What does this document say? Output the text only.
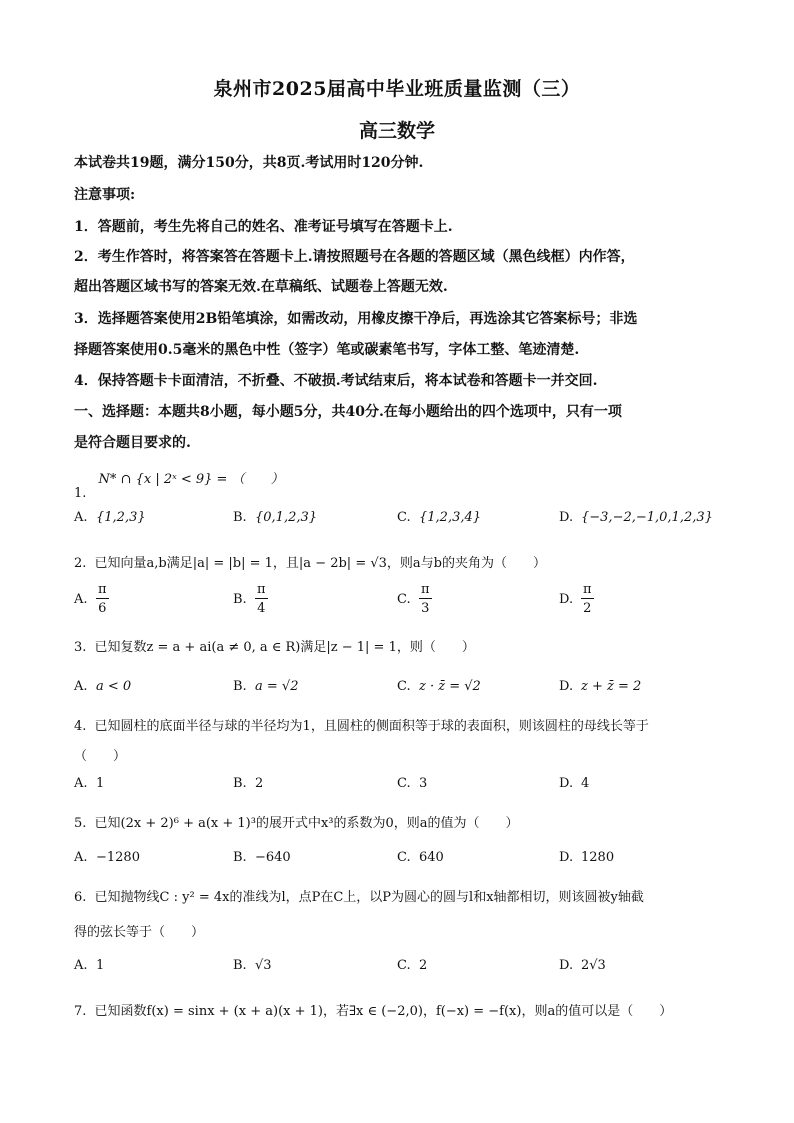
泉州市2025届高中毕业班质量监测（三）
高三数学
本试卷共19题，满分150分，共8页.考试用时120分钟.
注意事项:
1．答题前，考生先将自己的姓名、准考证号填写在答题卡上.
2．考生作答时，将答案答在答题卡上.请按照题号在各题的答题区域（黑色线框）内作答，
超出答题区域书写的答案无效.在草稿纸、试题卷上答题无效.
3．选择题答案使用2B铅笔填涂，如需改动，用橡皮擦干净后，再选涂其它答案标号；非选
择题答案使用0.5毫米的黑色中性（签字）笔或碳素笔书写，字体工整、笔迹清楚.
4．保持答题卡卡面清洁，不折叠、不破损.考试结束后，将本试卷和答题卡一并交回.
一、选择题：本题共8小题，每小题5分，共40分.在每小题给出的四个选项中，只有一项
是符合题目要求的.
1. N* ∩ {x | 2ˣ < 9} = （　　）
A. {1,2,3}	B. {0,1,2,3}	C. {1,2,3,4}	D. {−3,−2,−1,0,1,2,3}
2. 已知向量a,b满足|a| = |b| = 1，且|a − 2b| = √3，则a与b的夹角为（　　）
A. $\frac{\pi}{6}$	B. $\frac{\pi}{4}$	C. $\frac{\pi}{3}$	D. $\frac{\pi}{2}$
3. 已知复数z = a + ai(a ≠ 0, a ∈ R)满足|z − 1| = 1，则（　　）
A. a < 0	B. a = √2	C. z · z̄ = √2	D. z + z̄ = 2
4. 已知圆柱的底面半径与球的半径均为1，且圆柱的侧面积等于球的表面积，则该圆柱的母线长等于
（　　）
A. 1	B. 2	C. 3	D. 4
5. 已知(2x + 2)⁶ + a(x + 1)³的展开式中x³的系数为0，则a的值为（　　）
A. −1280	B. −640	C. 640	D. 1280
6. 已知抛物线C : y² = 4x的准线为l，点P在C上，以P为圆心的圆与l和x轴都相切，则该圆被y轴截
得的弦长等于（　　）
A. 1	B. √3	C. 2	D. 2√3
7. 已知函数f(x) = sinx + (x + a)(x + 1)，若∃x ∈ (−2,0)，f(−x) = −f(x)，则a的值可以是（　　）
